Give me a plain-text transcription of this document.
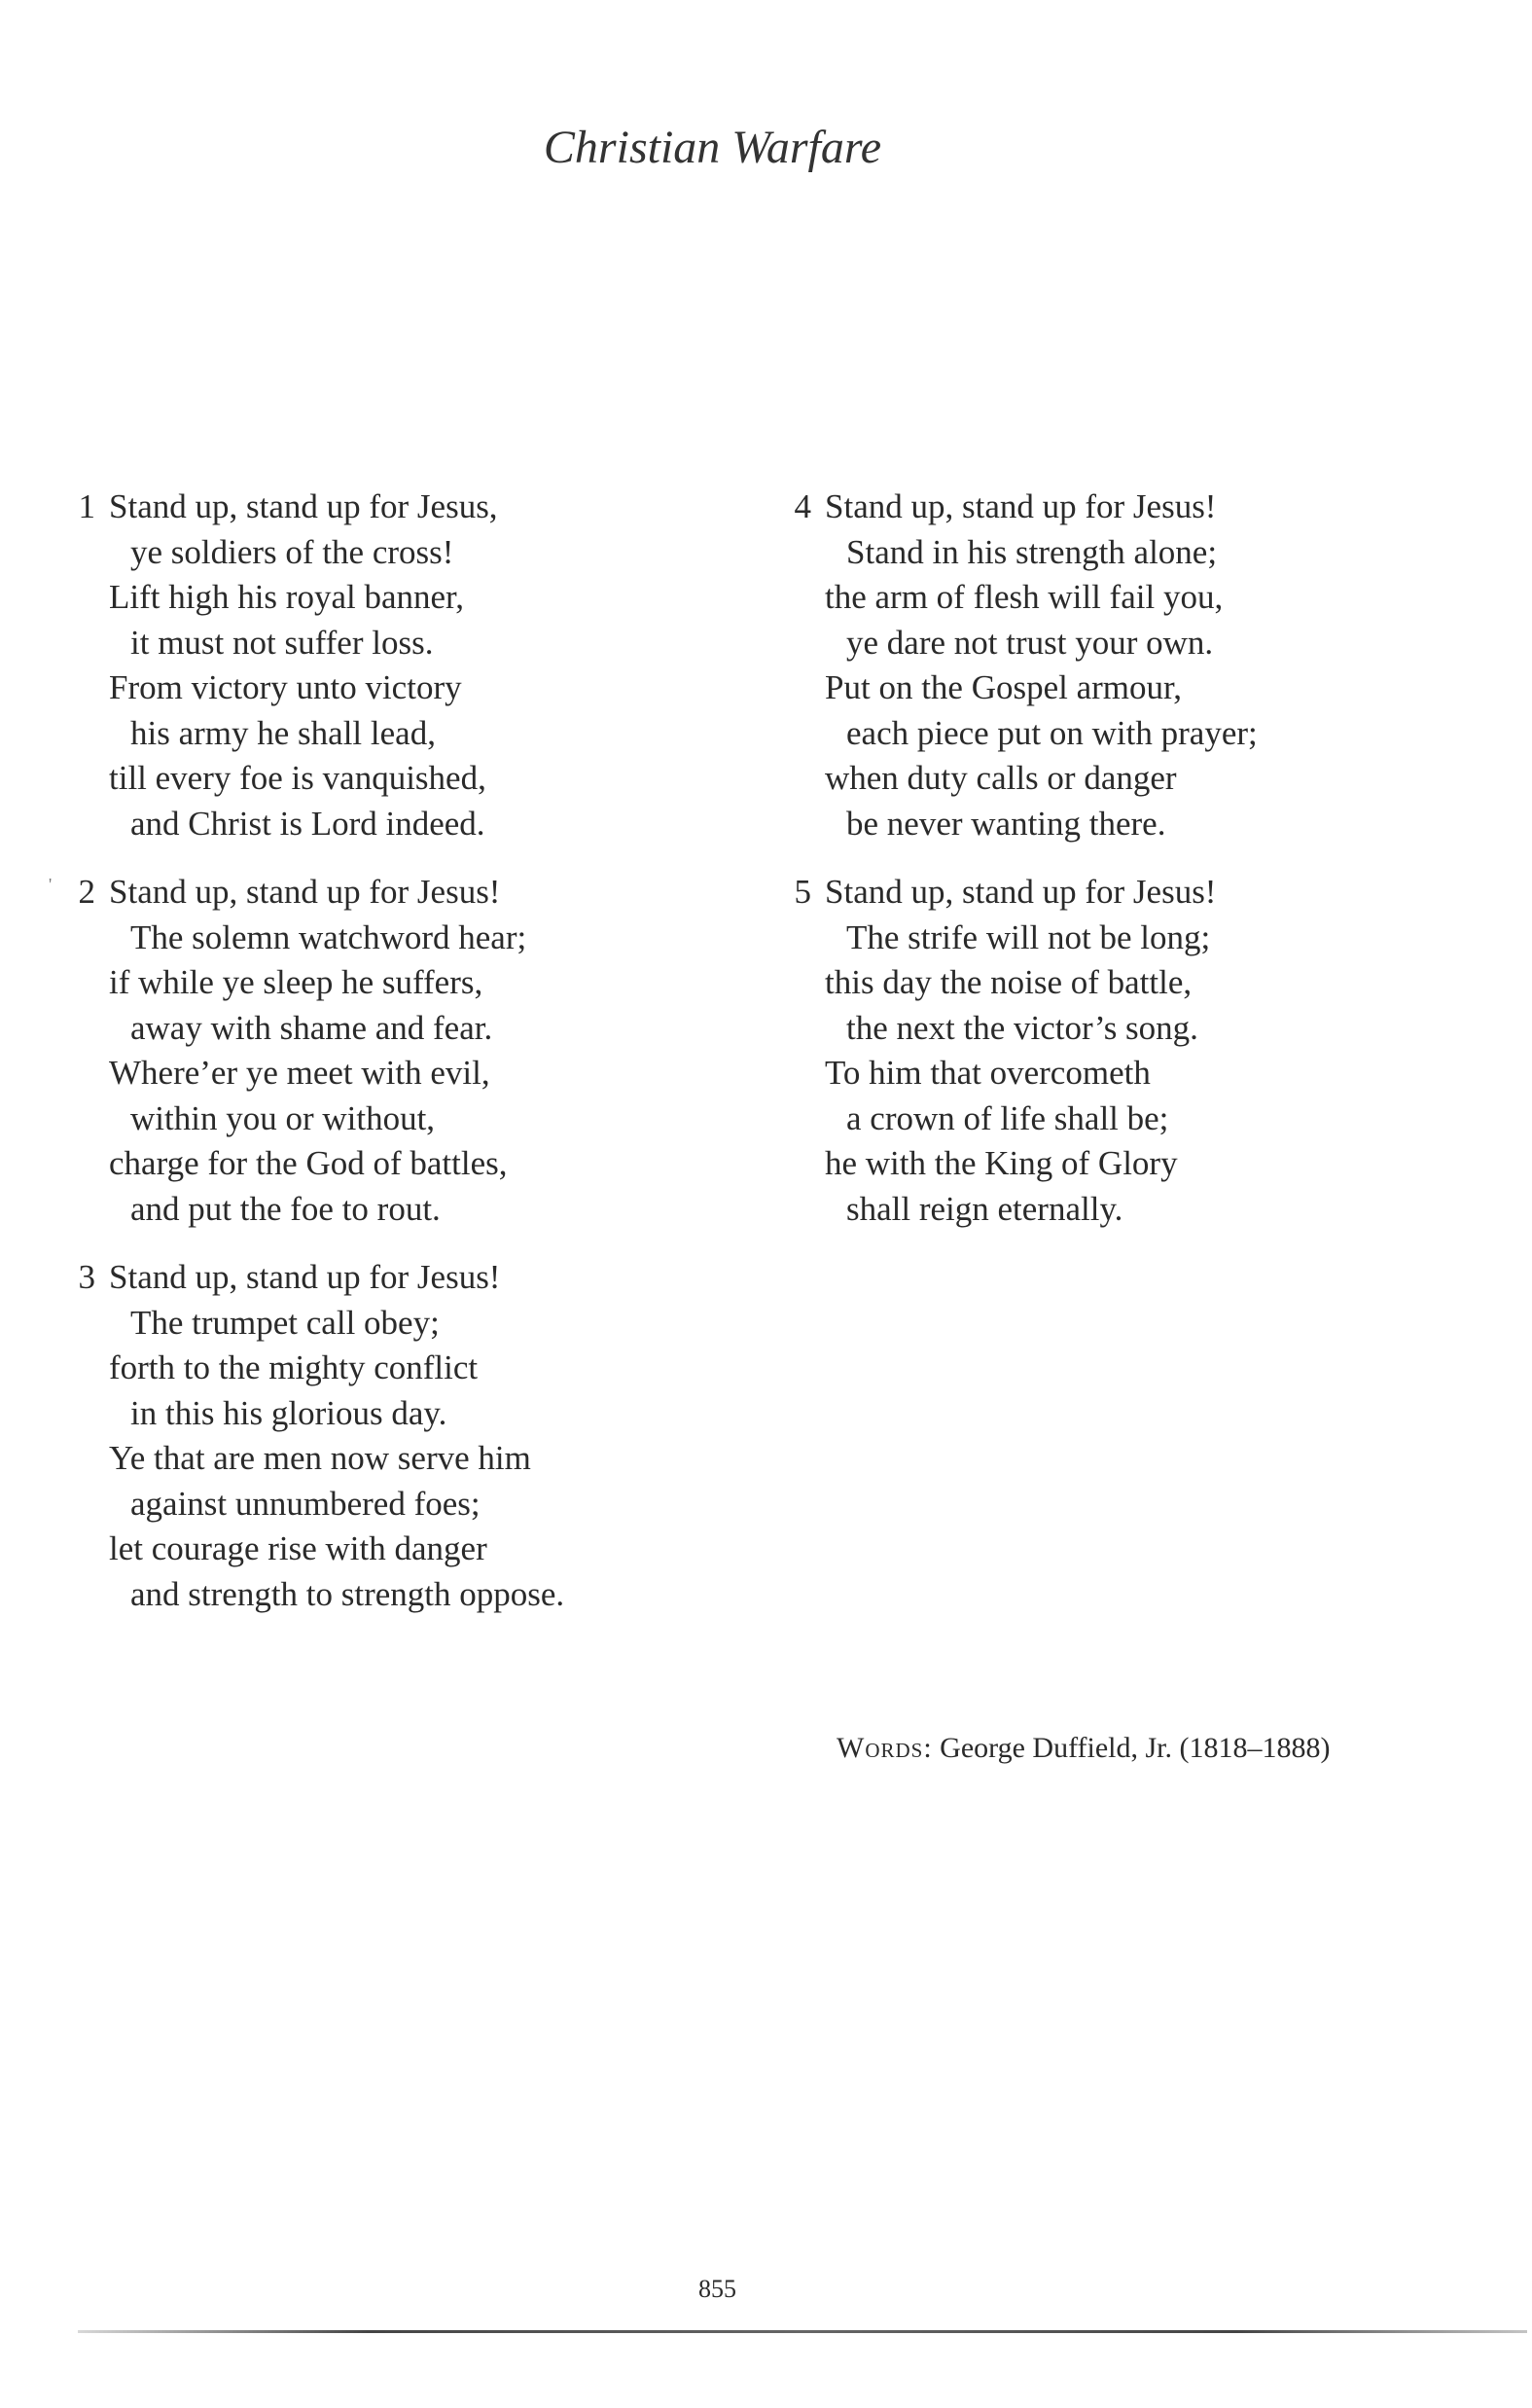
Christian Warfare
1 Stand up, stand up for Jesus,
ye soldiers of the cross!
Lift high his royal banner,
it must not suffer loss.
From victory unto victory
his army he shall lead,
till every foe is vanquished,
and Christ is Lord indeed.
' 2 Stand up, stand up for Jesus!
The solemn watchword hear;
if while ye sleep he suffers,
away with shame and fear.
Where’er ye meet with evil,
within you or without,
charge for the God of battles,
and put the foe to rout.
3 Stand up, stand up for Jesus!
The trumpet call obey;
forth to the mighty conflict
in this his glorious day.
Ye that are men now serve him
against unnumbered foes;
let courage rise with danger
and strength to strength oppose.
4 Stand up, stand up for Jesus!
Stand in his strength alone;
the arm of flesh will fail you,
ye dare not trust your own.
Put on the Gospel armour,
each piece put on with prayer;
when duty calls or danger
be never wanting there.
5 Stand up, stand up for Jesus!
The strife will not be long;
this day the noise of battle,
the next the victor’s song.
To him that overcometh
a crown of life shall be;
he with the King of Glory
shall reign eternally.
Words: George Duffield, Jr. (1818–1888)
855
